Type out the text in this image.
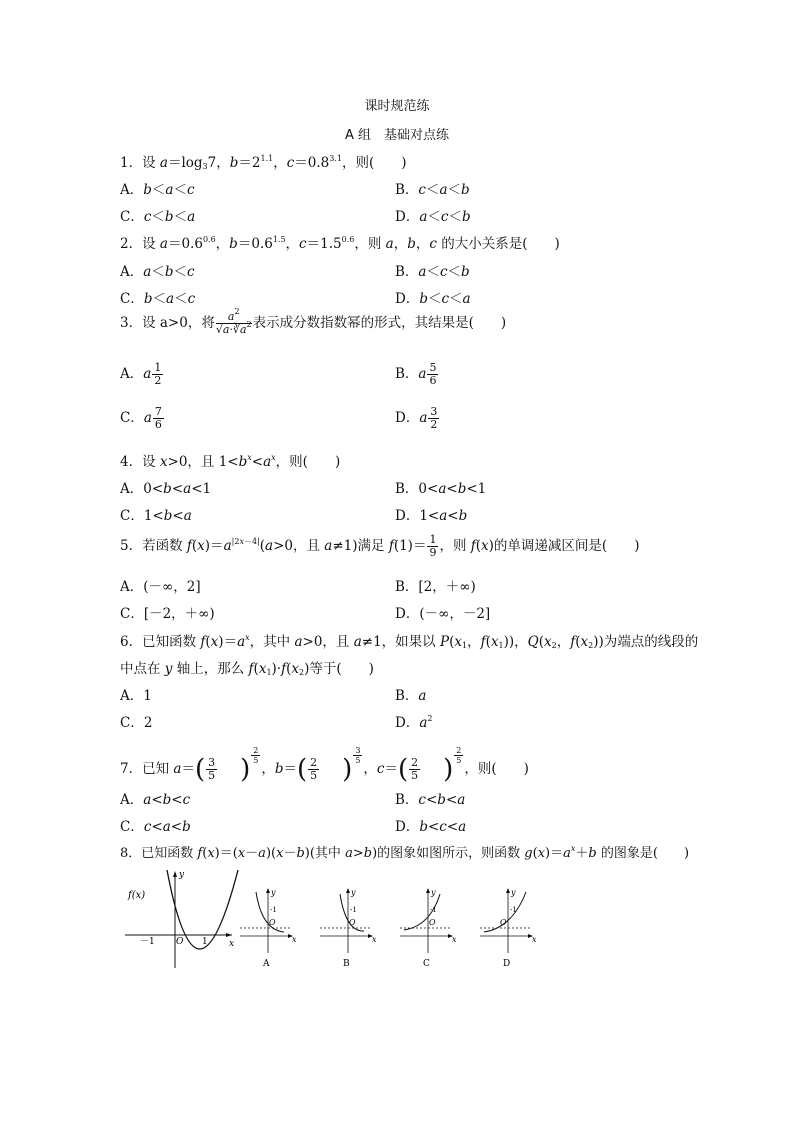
课时规范练
A 组　基础对点练
1．设 $a=\log_37$，$b=2^{1.1}$，$c=0.8^{3.1}$，则(　　)
A．b＜a＜c	B．c＜a＜b
C．c＜b＜a	D．a＜c＜b
2．设 $a=0.6^{0.6}$，$b=0.6^{1.5}$，$c=1.5^{0.6}$，则 a，b，c 的大小关系是(　　)
A．a＜b＜c	B．a＜c＜b
C．b＜a＜c	D．b＜c＜a
3．设 a>0，将 $\frac{a^2}{√a\cdot∛a^2}$ 表示成分数指数幂的形式，其结果是(　　)
A．a $\frac{1}{2}$	B．a $\frac{5}{6}$
C．a $\frac{7}{6}$	D．a $\frac{3}{2}$
4．设 x>0，且 $1<b^x<a^x$，则(　　)
A．0<b<a<1	B．0<a<b<1
C．1<b<a	D．1<a<b
5．若函数 $f(x)=a^{|2x-4|}(a>0$，且 a≠1)满足 $f(1)= \frac{1}{9}$ ，则 f(x)的单调递减区间是(　　)
A．(－∞，2]	B．[2，＋∞)
C．[－2，＋∞)	D．(－∞，－2]
6．已知函数 $f(x)=a^x$，其中 a>0，且 a≠1，如果以 $P(x_1$，$f(x_1)$)，$Q(x_2$，$f(x_2)$)为端点的线段的
中点在 y 轴上，那么 $f(x_1)\cdot f(x_2)$等于(　　)
A．1	B．a
C．2	D．$a^2$
7．已知 $a=( \frac{3}{5}$ ) $^{\frac{2}{5}}$
，$b=( \frac{2}{5}$ ) $^{\frac{3}{5}}$
，$c=( \frac{2}{5}$ ) $^{\frac{2}{5}}$
，则(　　)
A．a<b<c	B．c<b<a
C．c<a<b	D．b<c<a
8．已知函数 f(x)＝(x－a)(x－b)(其中 a>b)的图象如图所示，则函数 $g(x)=a^x+b$ 的图象是(　　)
f(x)
y
x
－1 O 1
y
-1
O
x
A
y
-1
O
x
B
y
-1
O
x
C
y
-1
O
x
D
